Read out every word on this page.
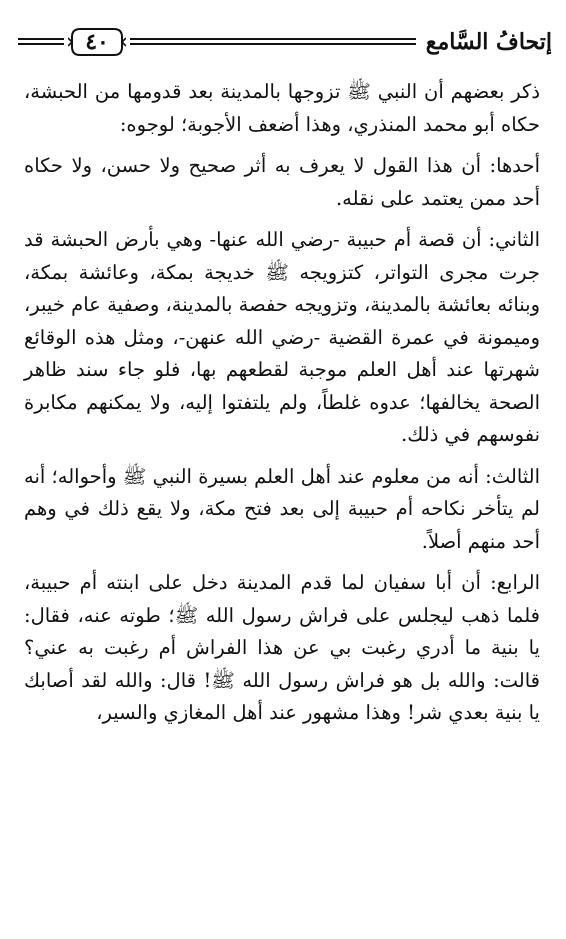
إتحافُ السَّامع
٤٠

ذكر بعضهم أن النبي ﷺ تزوجها بالمدينة بعد قدومها من الحبشة، حكاه أبو محمد المنذري، وهذا أضعف الأجوبة؛ لوجوه:

أحدها: أن هذا القول لا يعرف به أثر صحيح ولا حسن، ولا حكاه أحد ممن يعتمد على نقله.

الثاني: أن قصة أم حبيبة -رضي الله عنها- وهي بأرض الحبشة قد جرت مجرى التواتر، كتزويجه ﷺ خديجة بمكة، وعائشة بمكة، وبنائه بعائشة بالمدينة، وتزويجه حفصة بالمدينة، وصفية عام خيبر، وميمونة في عمرة القضية -رضي الله عنهن-، ومثل هذه الوقائع شهرتها عند أهل العلم موجبة لقطعهم بها، فلو جاء سند ظاهر الصحة يخالفها؛ عدوه غلطاً، ولم يلتفتوا إليه، ولا يمكنهم مكابرة نفوسهم في ذلك.

الثالث: أنه من معلوم عند أهل العلم بسيرة النبي ﷺ وأحواله؛ أنه لم يتأخر نكاحه أم حبيبة إلى بعد فتح مكة، ولا يقع ذلك في وهم أحد منهم أصلاً.

الرابع: أن أبا سفيان لما قدم المدينة دخل على ابنته أم حبيبة، فلما ذهب ليجلس على فراش رسول الله ﷺ؛ طوته عنه، فقال: يا بنية ما أدري رغبت بي عن هذا الفراش أم رغبت به عني؟ قالت: والله بل هو فراش رسول الله ﷺ! قال: والله لقد أصابك يا بنية بعدي شر! وهذا مشهور عند أهل المغازي والسير،
